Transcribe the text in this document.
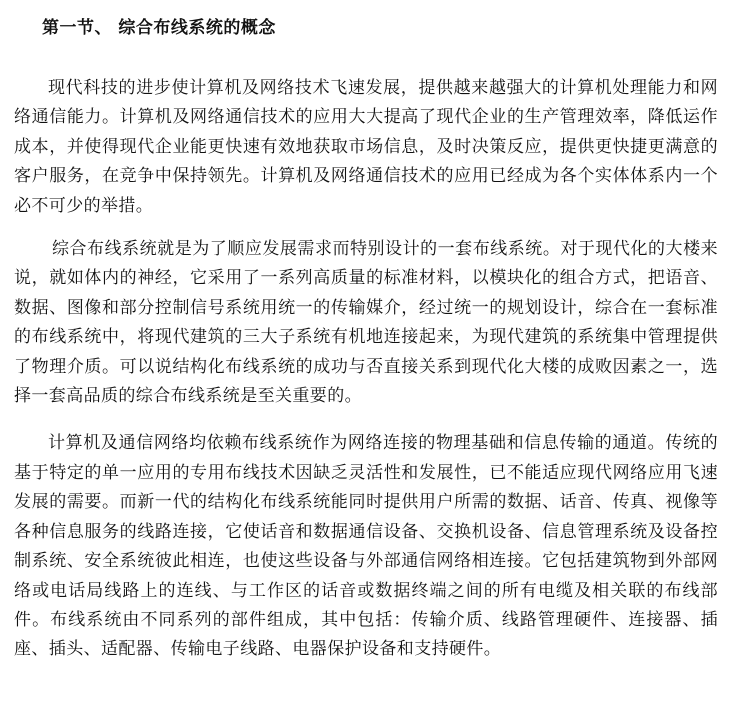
第一节、 综合布线系统的概念

现代科技的进步使计算机及网络技术飞速发展，提供越来越强大的计算机处理能力和网络通信能力。计算机及网络通信技术的应用大大提高了现代企业的生产管理效率，降低运作成本，并使得现代企业能更快速有效地获取市场信息，及时决策反应，提供更快捷更满意的客户服务，在竞争中保持领先。计算机及网络通信技术的应用已经成为各个实体体系内一个必不可少的举措。

综合布线系统就是为了顺应发展需求而特别设计的一套布线系统。对于现代化的大楼来说，就如体内的神经，它采用了一系列高质量的标准材料，以模块化的组合方式，把语音、数据、图像和部分控制信号系统用统一的传输媒介，经过统一的规划设计，综合在一套标准的布线系统中，将现代建筑的三大子系统有机地连接起来，为现代建筑的系统集中管理提供了物理介质。可以说结构化布线系统的成功与否直接关系到现代化大楼的成败因素之一，选择一套高品质的综合布线系统是至关重要的。

计算机及通信网络均依赖布线系统作为网络连接的物理基础和信息传输的通道。传统的基于特定的单一应用的专用布线技术因缺乏灵活性和发展性，已不能适应现代网络应用飞速发展的需要。而新一代的结构化布线系统能同时提供用户所需的数据、话音、传真、视像等各种信息服务的线路连接，它使话音和数据通信设备、交换机设备、信息管理系统及设备控制系统、安全系统彼此相连，也使这些设备与外部通信网络相连接。它包括建筑物到外部网络或电话局线路上的连线、与工作区的话音或数据终端之间的所有电缆及相关联的布线部件。布线系统由不同系列的部件组成，其中包括：传输介质、线路管理硬件、连接器、插座、插头、适配器、传输电子线路、电器保护设备和支持硬件。
